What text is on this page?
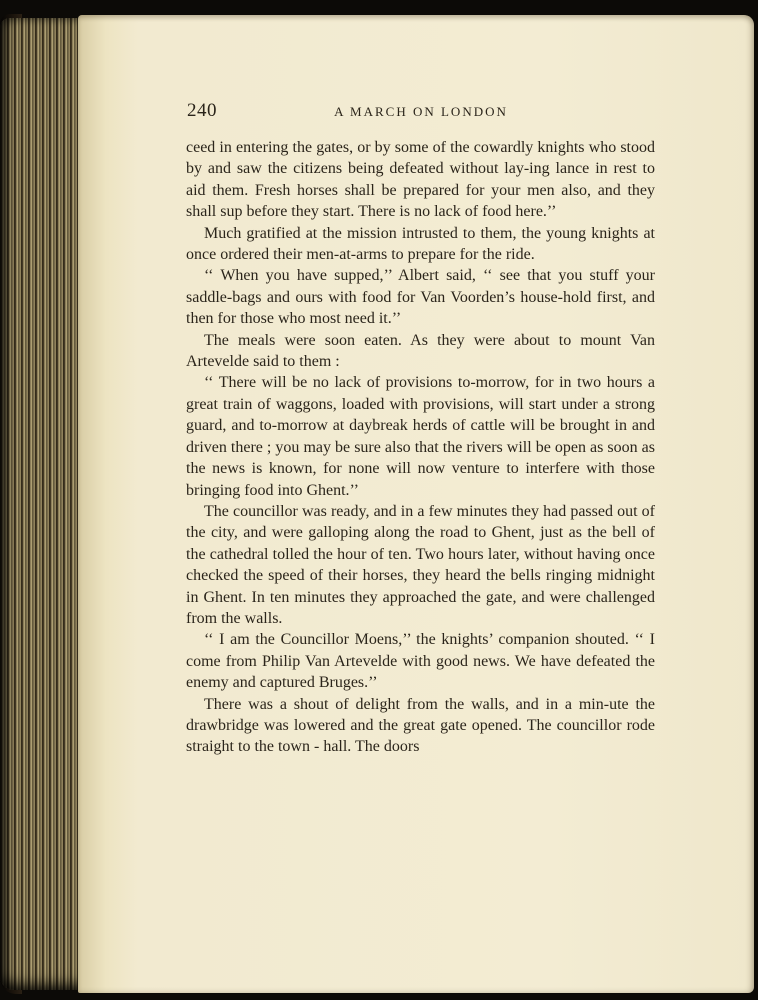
240	A MARCH ON LONDON

ceed in entering the gates, or by some of the cowardly knights who stood by and saw the citizens being defeated without lay-ing lance in rest to aid them. Fresh horses shall be prepared for your men also, and they shall sup before they start. There is no lack of food here.’’

Much gratified at the mission intrusted to them, the young knights at once ordered their men-at-arms to prepare for the ride.

‘‘ When you have supped,’’ Albert said, ‘‘ see that you stuff your saddle-bags and ours with food for Van Voorden’s house-hold first, and then for those who most need it.’’

The meals were soon eaten. As they were about to mount Van Artevelde said to them :

‘‘ There will be no lack of provisions to-morrow, for in two hours a great train of waggons, loaded with provisions, will start under a strong guard, and to-morrow at daybreak herds of cattle will be brought in and driven there ; you may be sure also that the rivers will be open as soon as the news is known, for none will now venture to interfere with those bringing food into Ghent.’’

The councillor was ready, and in a few minutes they had passed out of the city, and were galloping along the road to Ghent, just as the bell of the cathedral tolled the hour of ten. Two hours later, without having once checked the speed of their horses, they heard the bells ringing midnight in Ghent. In ten minutes they approached the gate, and were challenged from the walls.

‘‘ I am the Councillor Moens,’’ the knights’ companion shouted. ‘‘ I come from Philip Van Artevelde with good news. We have defeated the enemy and captured Bruges.’’

There was a shout of delight from the walls, and in a min-ute the drawbridge was lowered and the great gate opened. The councillor rode straight to the town - hall. The doors
